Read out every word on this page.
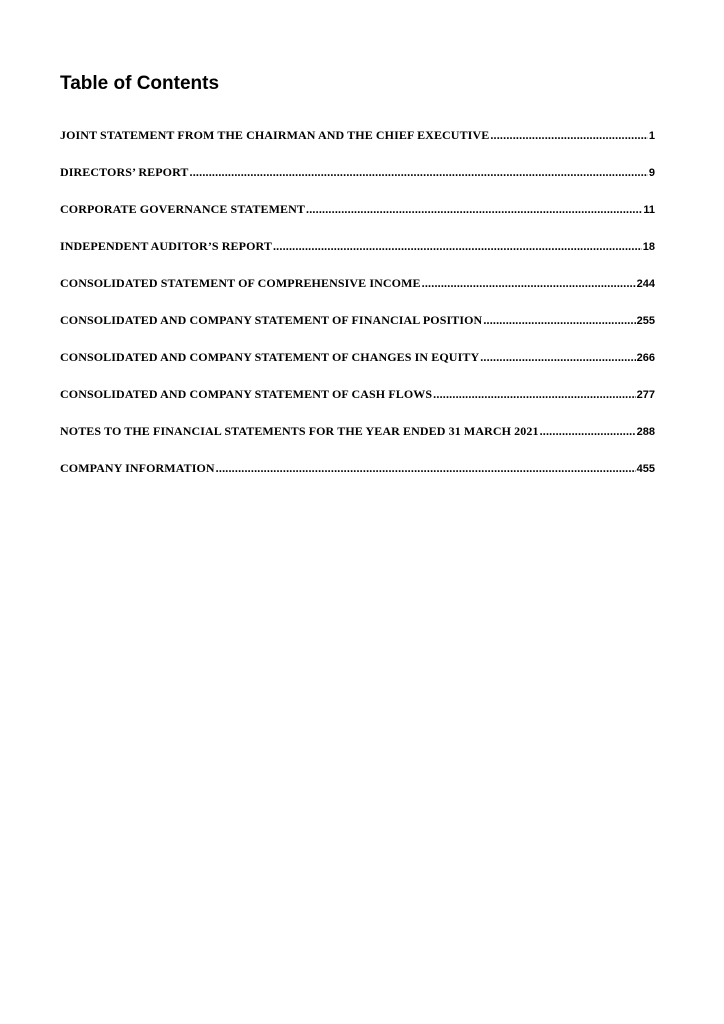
Table of Contents
JOINT STATEMENT FROM THE CHAIRMAN AND THE CHIEF EXECUTIVE .....	1
DIRECTORS’ REPORT .....	9
CORPORATE GOVERNANCE STATEMENT .....	11
INDEPENDENT AUDITOR’S REPORT .....	18
CONSOLIDATED STATEMENT OF COMPREHENSIVE INCOME .....	244
CONSOLIDATED AND COMPANY STATEMENT OF FINANCIAL POSITION .....	255
CONSOLIDATED AND COMPANY STATEMENT OF CHANGES IN EQUITY .....	266
CONSOLIDATED AND COMPANY STATEMENT OF CASH FLOWS .....	277
NOTES TO THE FINANCIAL STATEMENTS FOR THE YEAR ENDED 31 MARCH 2021 .....	288
COMPANY INFORMATION .....	455
